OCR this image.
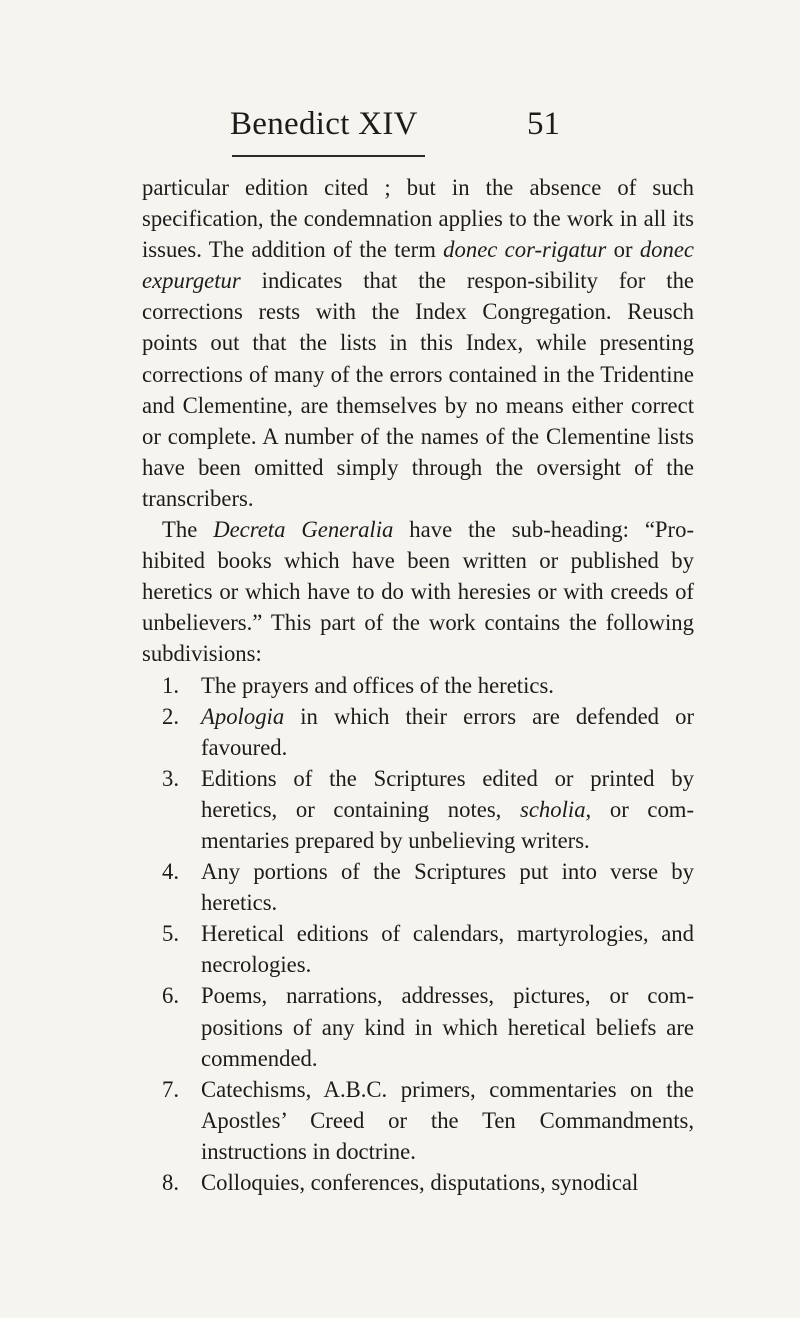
Benedict XIV	51

particular edition cited ; but in the absence of such specification, the condemnation applies to the work in all its issues. The addition of the term donec cor-rigatur or donec expurgetur indicates that the respon-sibility for the corrections rests with the Index Congregation. Reusch points out that the lists in this Index, while presenting corrections of many of the errors contained in the Tridentine and Clementine, are themselves by no means either correct or complete. A number of the names of the Clementine lists have been omitted simply through the oversight of the transcribers.

The Decreta Generalia have the sub-heading: “Pro-hibited books which have been written or published by heretics or which have to do with heresies or with creeds of unbelievers.” This part of the work contains the following subdivisions:

1. The prayers and offices of the heretics.
2. Apologia in which their errors are defended or favoured.
3. Editions of the Scriptures edited or printed by heretics, or containing notes, scholia, or com-mentaries prepared by unbelieving writers.
4. Any portions of the Scriptures put into verse by heretics.
5. Heretical editions of calendars, martyrologies, and necrologies.
6. Poems, narrations, addresses, pictures, or com-positions of any kind in which heretical beliefs are commended.
7. Catechisms, A.B.C. primers, commentaries on the Apostles’ Creed or the Ten Commandments, instructions in doctrine.
8. Colloquies, conferences, disputations, synodical
